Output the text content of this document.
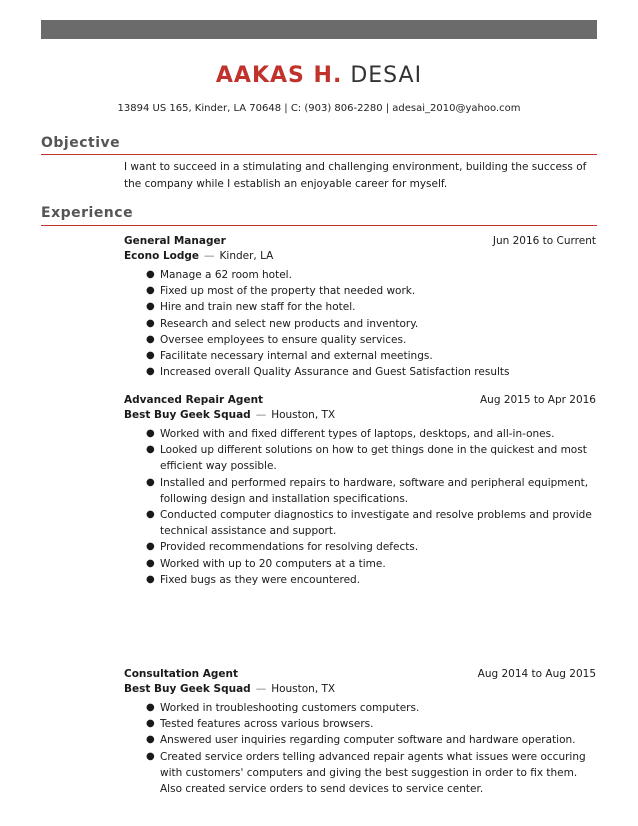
AAKAS H. DESAI
13894 US 165, Kinder, LA 70648 | C: (903) 806-2280 | adesai_2010@yahoo.com
Objective
I want to succeed in a stimulating and challenging environment, building the success of the company while I establish an enjoyable career for myself.
Experience
General Manager	Jun 2016 to Current
Econo Lodge — Kinder, LA
● Manage a 62 room hotel.
● Fixed up most of the property that needed work.
● Hire and train new staff for the hotel.
● Research and select new products and inventory.
● Oversee employees to ensure quality services.
● Facilitate necessary internal and external meetings.
● Increased overall Quality Assurance and Guest Satisfaction results
Advanced Repair Agent	Aug 2015 to Apr 2016
Best Buy Geek Squad — Houston, TX
● Worked with and fixed different types of laptops, desktops, and all-in-ones.
● Looked up different solutions on how to get things done in the quickest and most efficient way possible.
● Installed and performed repairs to hardware, software and peripheral equipment, following design and installation specifications.
● Conducted computer diagnostics to investigate and resolve problems and provide technical assistance and support.
● Provided recommendations for resolving defects.
● Worked with up to 20 computers at a time.
● Fixed bugs as they were encountered.
Consultation Agent	Aug 2014 to Aug 2015
Best Buy Geek Squad — Houston, TX
● Worked in troubleshooting customers computers.
● Tested features across various browsers.
● Answered user inquiries regarding computer software and hardware operation.
● Created service orders telling advanced repair agents what issues were occuring with customers' computers and giving the best suggestion in order to fix them. Also created service orders to send devices to service center.
